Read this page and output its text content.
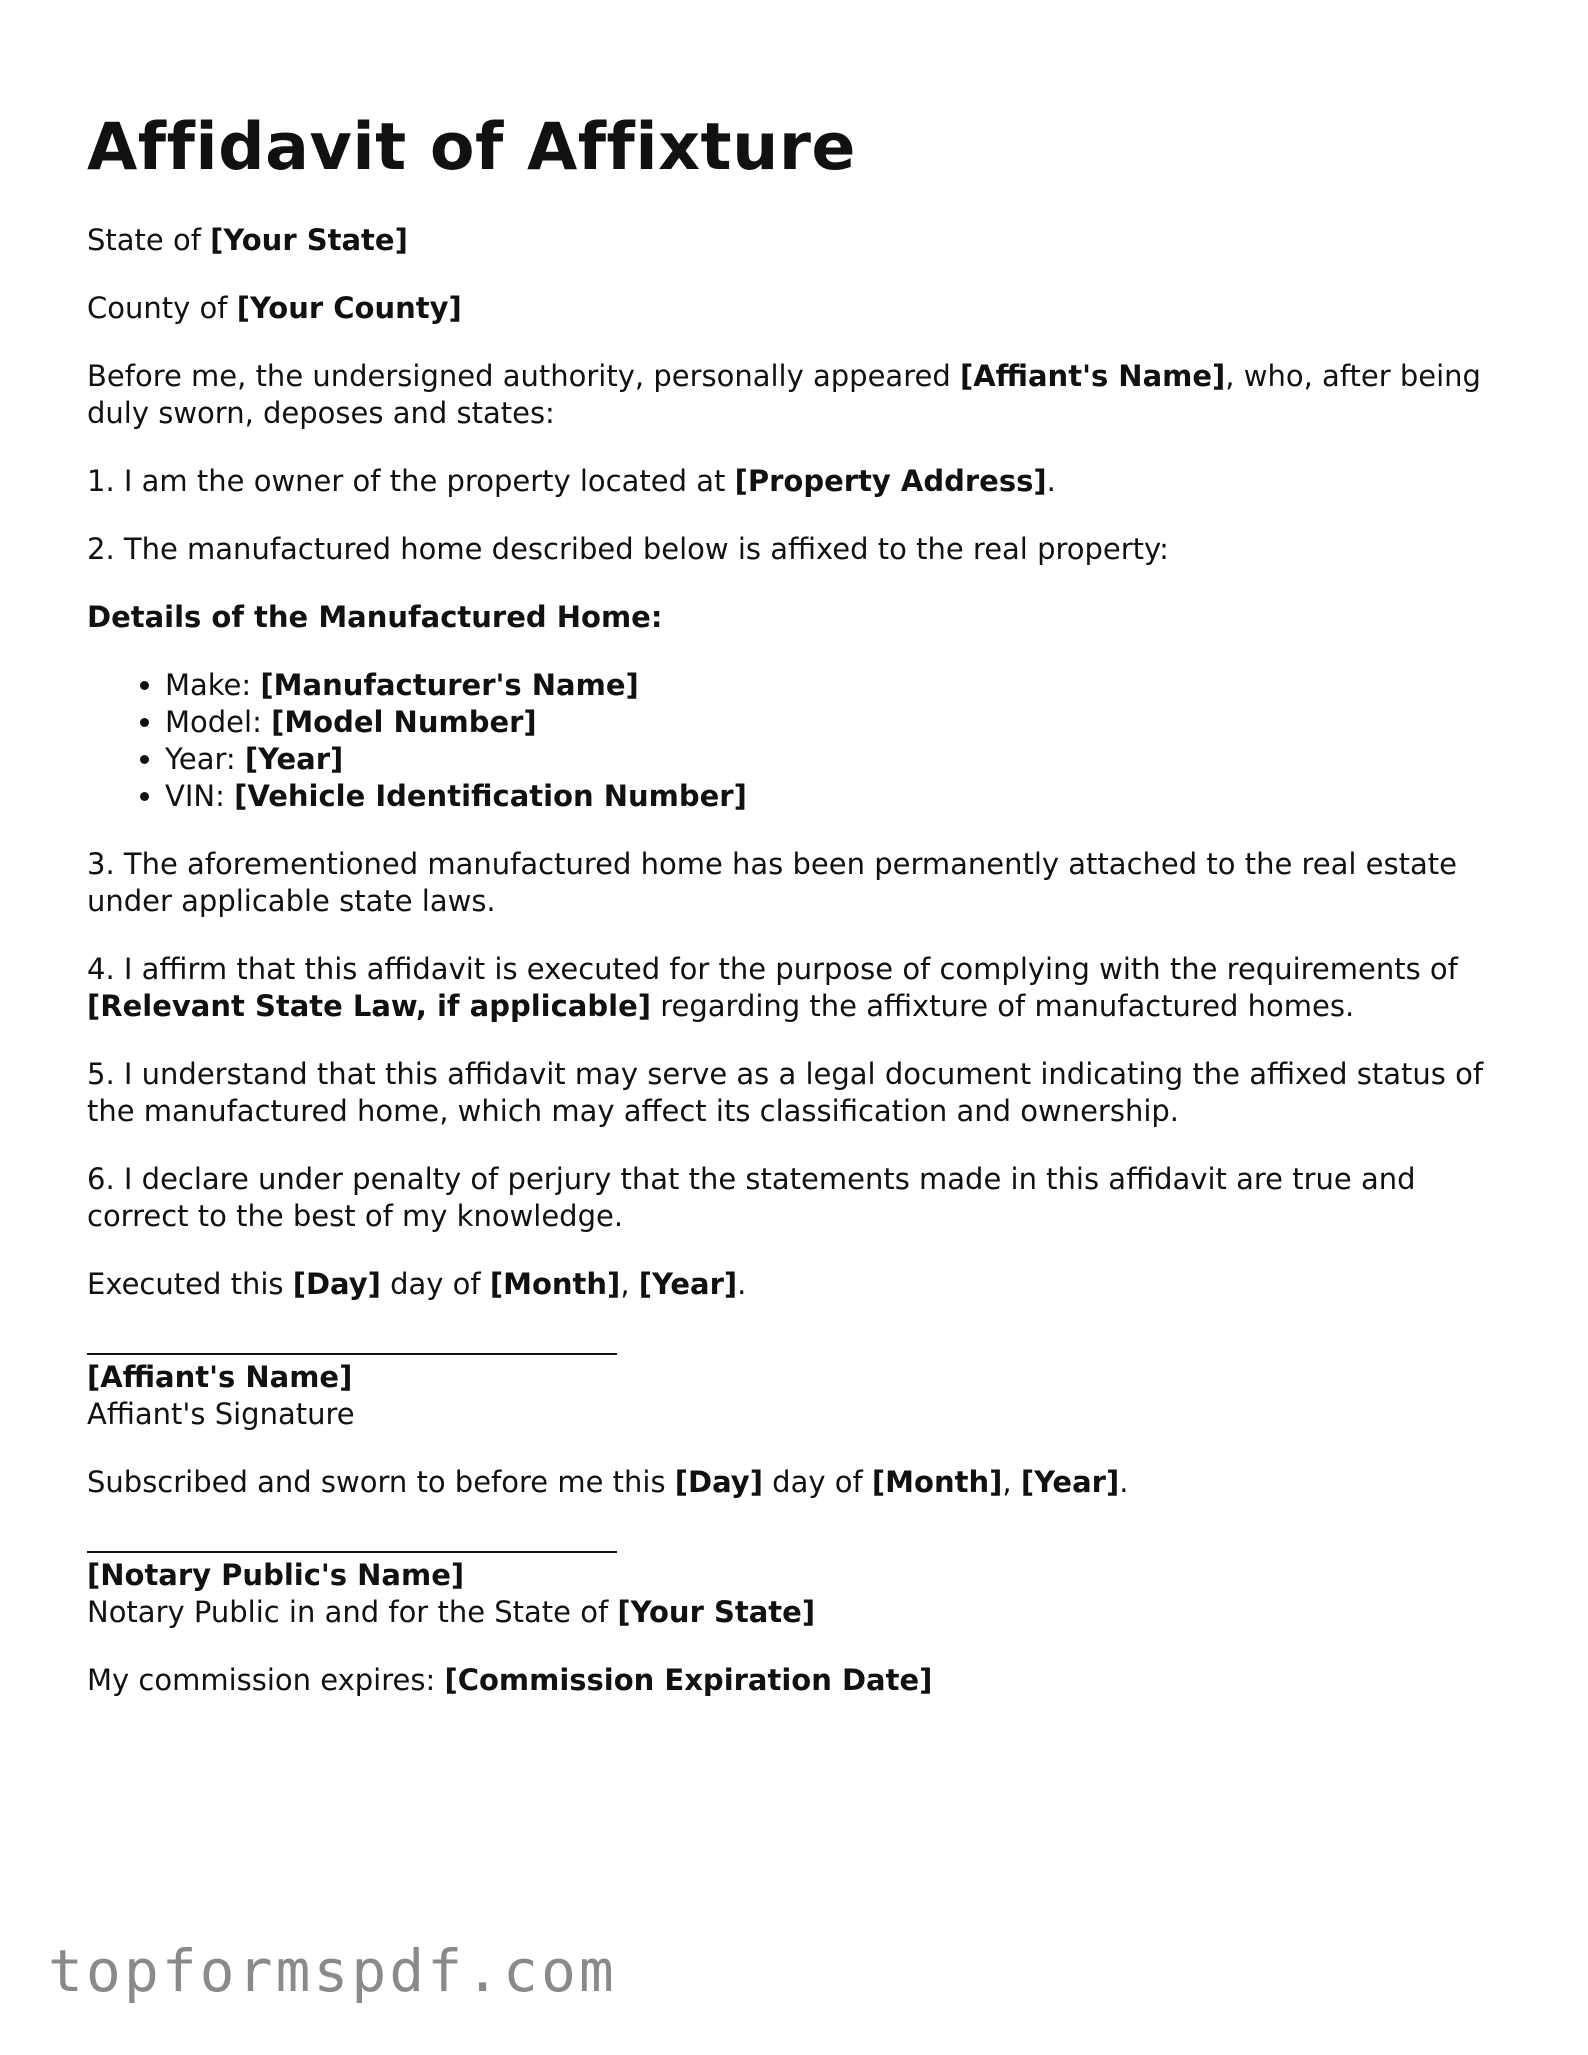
Affidavit of Affixture

State of [Your State]

County of [Your County]

Before me, the undersigned authority, personally appeared [Affiant's Name], who, after being duly sworn, deposes and states:

1. I am the owner of the property located at [Property Address].

2. The manufactured home described below is affixed to the real property:

Details of the Manufactured Home:

• Make: [Manufacturer's Name]
• Model: [Model Number]
• Year: [Year]
• VIN: [Vehicle Identification Number]

3. The aforementioned manufactured home has been permanently attached to the real estate under applicable state laws.

4. I affirm that this affidavit is executed for the purpose of complying with the requirements of [Relevant State Law, if applicable] regarding the affixture of manufactured homes.

5. I understand that this affidavit may serve as a legal document indicating the affixed status of the manufactured home, which may affect its classification and ownership.

6. I declare under penalty of perjury that the statements made in this affidavit are true and correct to the best of my knowledge.

Executed this [Day] day of [Month], [Year].

[Affiant's Name]
Affiant's Signature

Subscribed and sworn to before me this [Day] day of [Month], [Year].

[Notary Public's Name]
Notary Public in and for the State of [Your State]

My commission expires: [Commission Expiration Date]

topformspdf.com
